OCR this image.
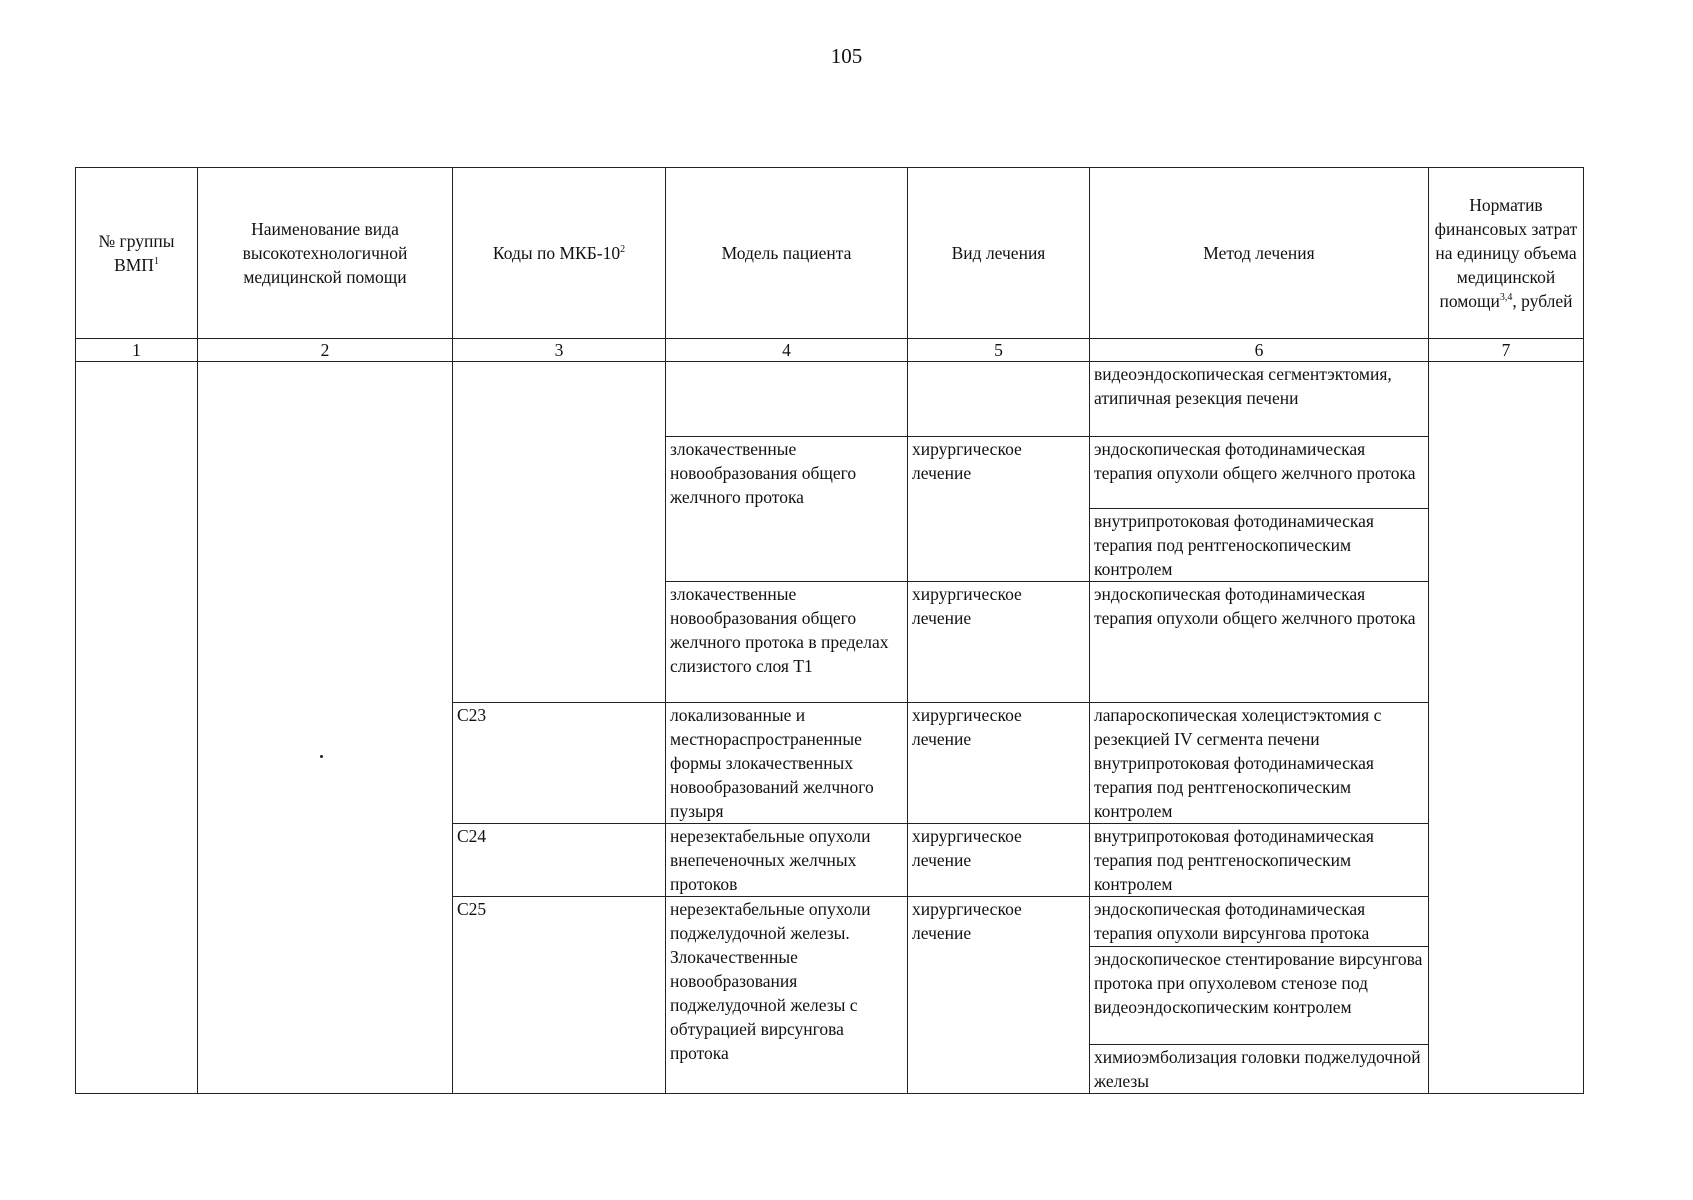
105
№ группы ВМП$^1$	Наименование вида высокотехнологичной медицинской помощи	Коды по МКБ-$10^2$	Модель пациента	Вид лечения	Метод лечения	Норматив финансовых затрат на единицу объема медицинской помощи$^{3,4}$, рублей
1	2	3	4	5	6	7
					видеоэндоскопическая сегментэктомия, атипичная резекция печени	
			злокачественные новообразования общего желчного протока	хирургическое лечение	эндоскопическая фотодинамическая терапия опухоли общего желчного протока	
					внутрипротоковая фотодинамическая терапия под рентгеноскопическим контролем	
			злокачественные новообразования общего желчного протока в пределах слизистого слоя T1	хирургическое лечение	эндоскопическая фотодинамическая терапия опухоли общего желчного протока	
		C23	локализованные и местнораспространенные формы злокачественных новообразований желчного пузыря	хирургическое лечение	лапароскопическая холецистэктомия с резекцией IV сегмента печени внутрипротоковая фотодинамическая терапия под рентгеноскопическим контролем	
		C24	нерезектабельные опухоли внепеченочных желчных протоков	хирургическое лечение	внутрипротоковая фотодинамическая терапия под рентгеноскопическим контролем	
		C25	нерезектабельные опухоли поджелудочной железы. Злокачественные новообразования поджелудочной железы с обтурацией вирсунгова протока	хирургическое лечение	эндоскопическая фотодинамическая терапия опухоли вирсунгова протока	
					эндоскопическое стентирование вирсунгова протока при опухолевом стенозе под видеоэндоскопическим контролем	
					химиоэмболизация головки поджелудочной железы	
